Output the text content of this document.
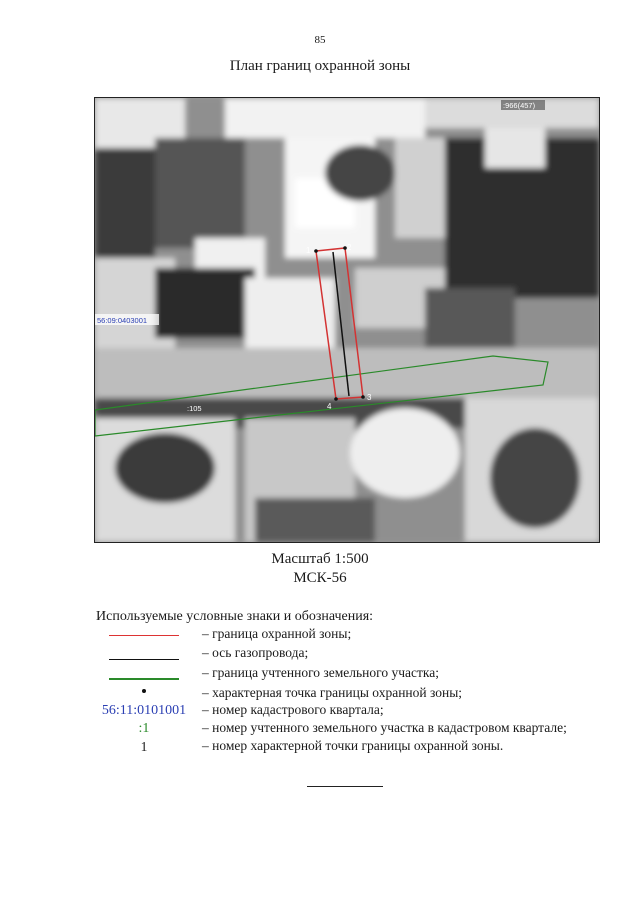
85
План границ охранной зоны
1	2
3
4
:966(457)
56:09:0403001
:105
Масштаб 1:500
МСК-56
Используемые условные знаки и обозначения:
– граница охранной зоны;
– ось газопровода;
– граница учтенного земельного участка;
– характерная точка границы охранной зоны;
56:11:0101001 – номер кадастрового квартала;
:1	– номер учтенного земельного участка в кадастровом квартале;
1	– номер характерной точки границы охранной зоны.
